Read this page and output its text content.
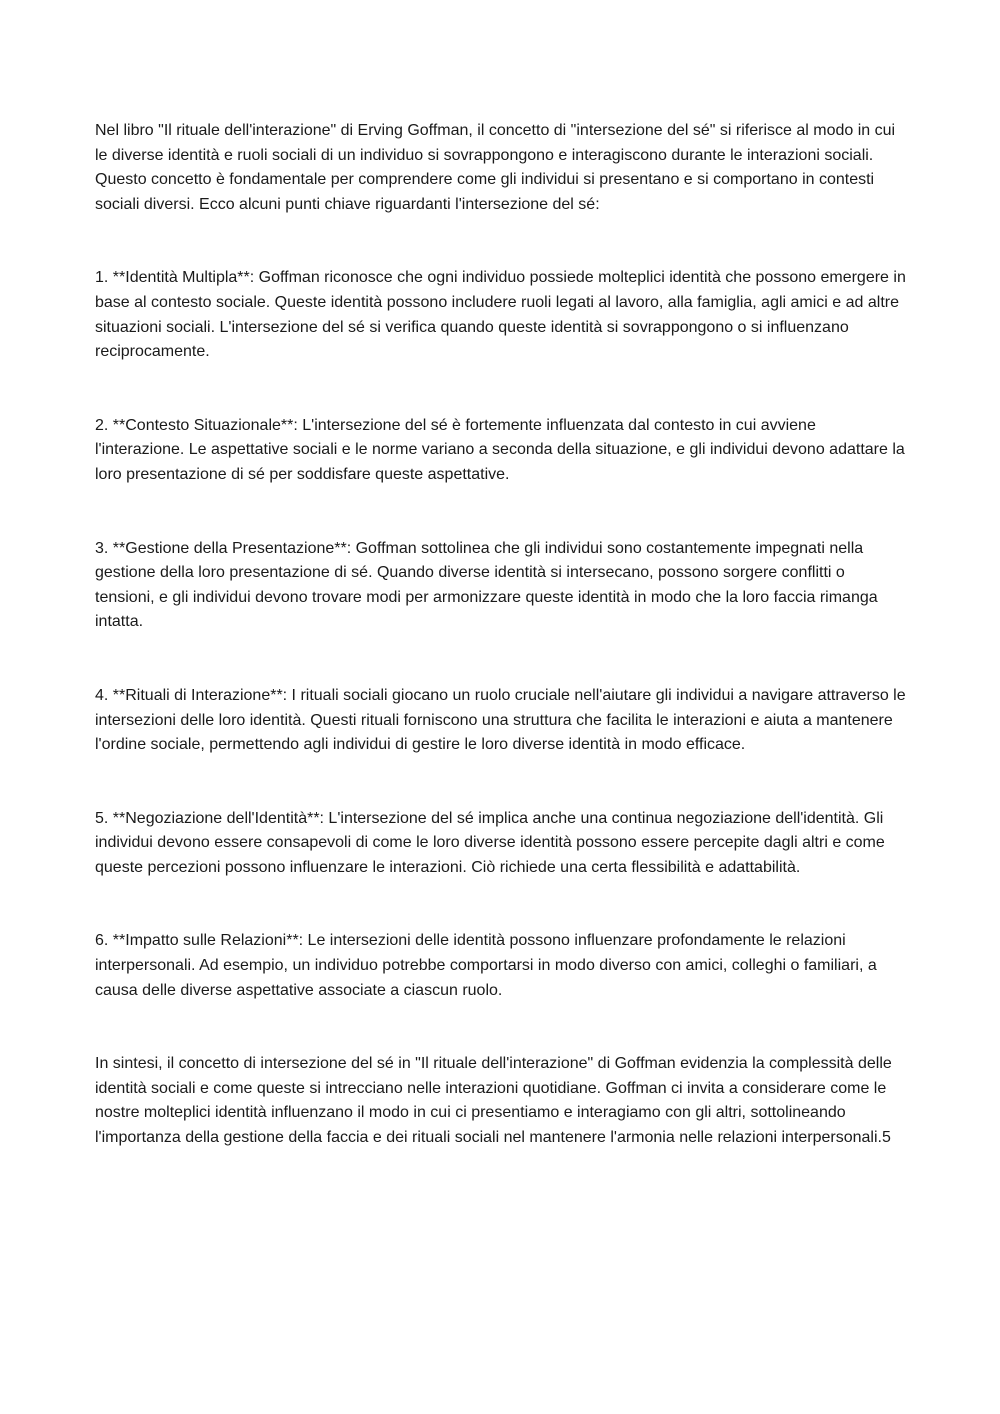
Nel libro "Il rituale dell'interazione" di Erving Goffman, il concetto di "intersezione del sé" si riferisce al modo in cui le diverse identità e ruoli sociali di un individuo si sovrappongono e interagiscono durante le interazioni sociali. Questo concetto è fondamentale per comprendere come gli individui si presentano e si comportano in contesti sociali diversi. Ecco alcuni punti chiave riguardanti l'intersezione del sé:

1. **Identità Multipla**: Goffman riconosce che ogni individuo possiede molteplici identità che possono emergere in base al contesto sociale. Queste identità possono includere ruoli legati al lavoro, alla famiglia, agli amici e ad altre situazioni sociali. L'intersezione del sé si verifica quando queste identità si sovrappongono o si influenzano reciprocamente.

2. **Contesto Situazionale**: L'intersezione del sé è fortemente influenzata dal contesto in cui avviene l'interazione. Le aspettative sociali e le norme variano a seconda della situazione, e gli individui devono adattare la loro presentazione di sé per soddisfare queste aspettative.

3. **Gestione della Presentazione**: Goffman sottolinea che gli individui sono costantemente impegnati nella gestione della loro presentazione di sé. Quando diverse identità si intersecano, possono sorgere conflitti o tensioni, e gli individui devono trovare modi per armonizzare queste identità in modo che la loro faccia rimanga intatta.

4. **Rituali di Interazione**: I rituali sociali giocano un ruolo cruciale nell'aiutare gli individui a navigare attraverso le intersezioni delle loro identità. Questi rituali forniscono una struttura che facilita le interazioni e aiuta a mantenere l'ordine sociale, permettendo agli individui di gestire le loro diverse identità in modo efficace.

5. **Negoziazione dell'Identità**: L'intersezione del sé implica anche una continua negoziazione dell'identità. Gli individui devono essere consapevoli di come le loro diverse identità possono essere percepite dagli altri e come queste percezioni possono influenzare le interazioni. Ciò richiede una certa flessibilità e adattabilità.

6. **Impatto sulle Relazioni**: Le intersezioni delle identità possono influenzare profondamente le relazioni interpersonali. Ad esempio, un individuo potrebbe comportarsi in modo diverso con amici, colleghi o familiari, a causa delle diverse aspettative associate a ciascun ruolo.

In sintesi, il concetto di intersezione del sé in "Il rituale dell'interazione" di Goffman evidenzia la complessità delle identità sociali e come queste si intrecciano nelle interazioni quotidiane. Goffman ci invita a considerare come le nostre molteplici identità influenzano il modo in cui ci presentiamo e interagiamo con gli altri, sottolineando l'importanza della gestione della faccia e dei rituali sociali nel mantenere l'armonia nelle relazioni interpersonali.5
